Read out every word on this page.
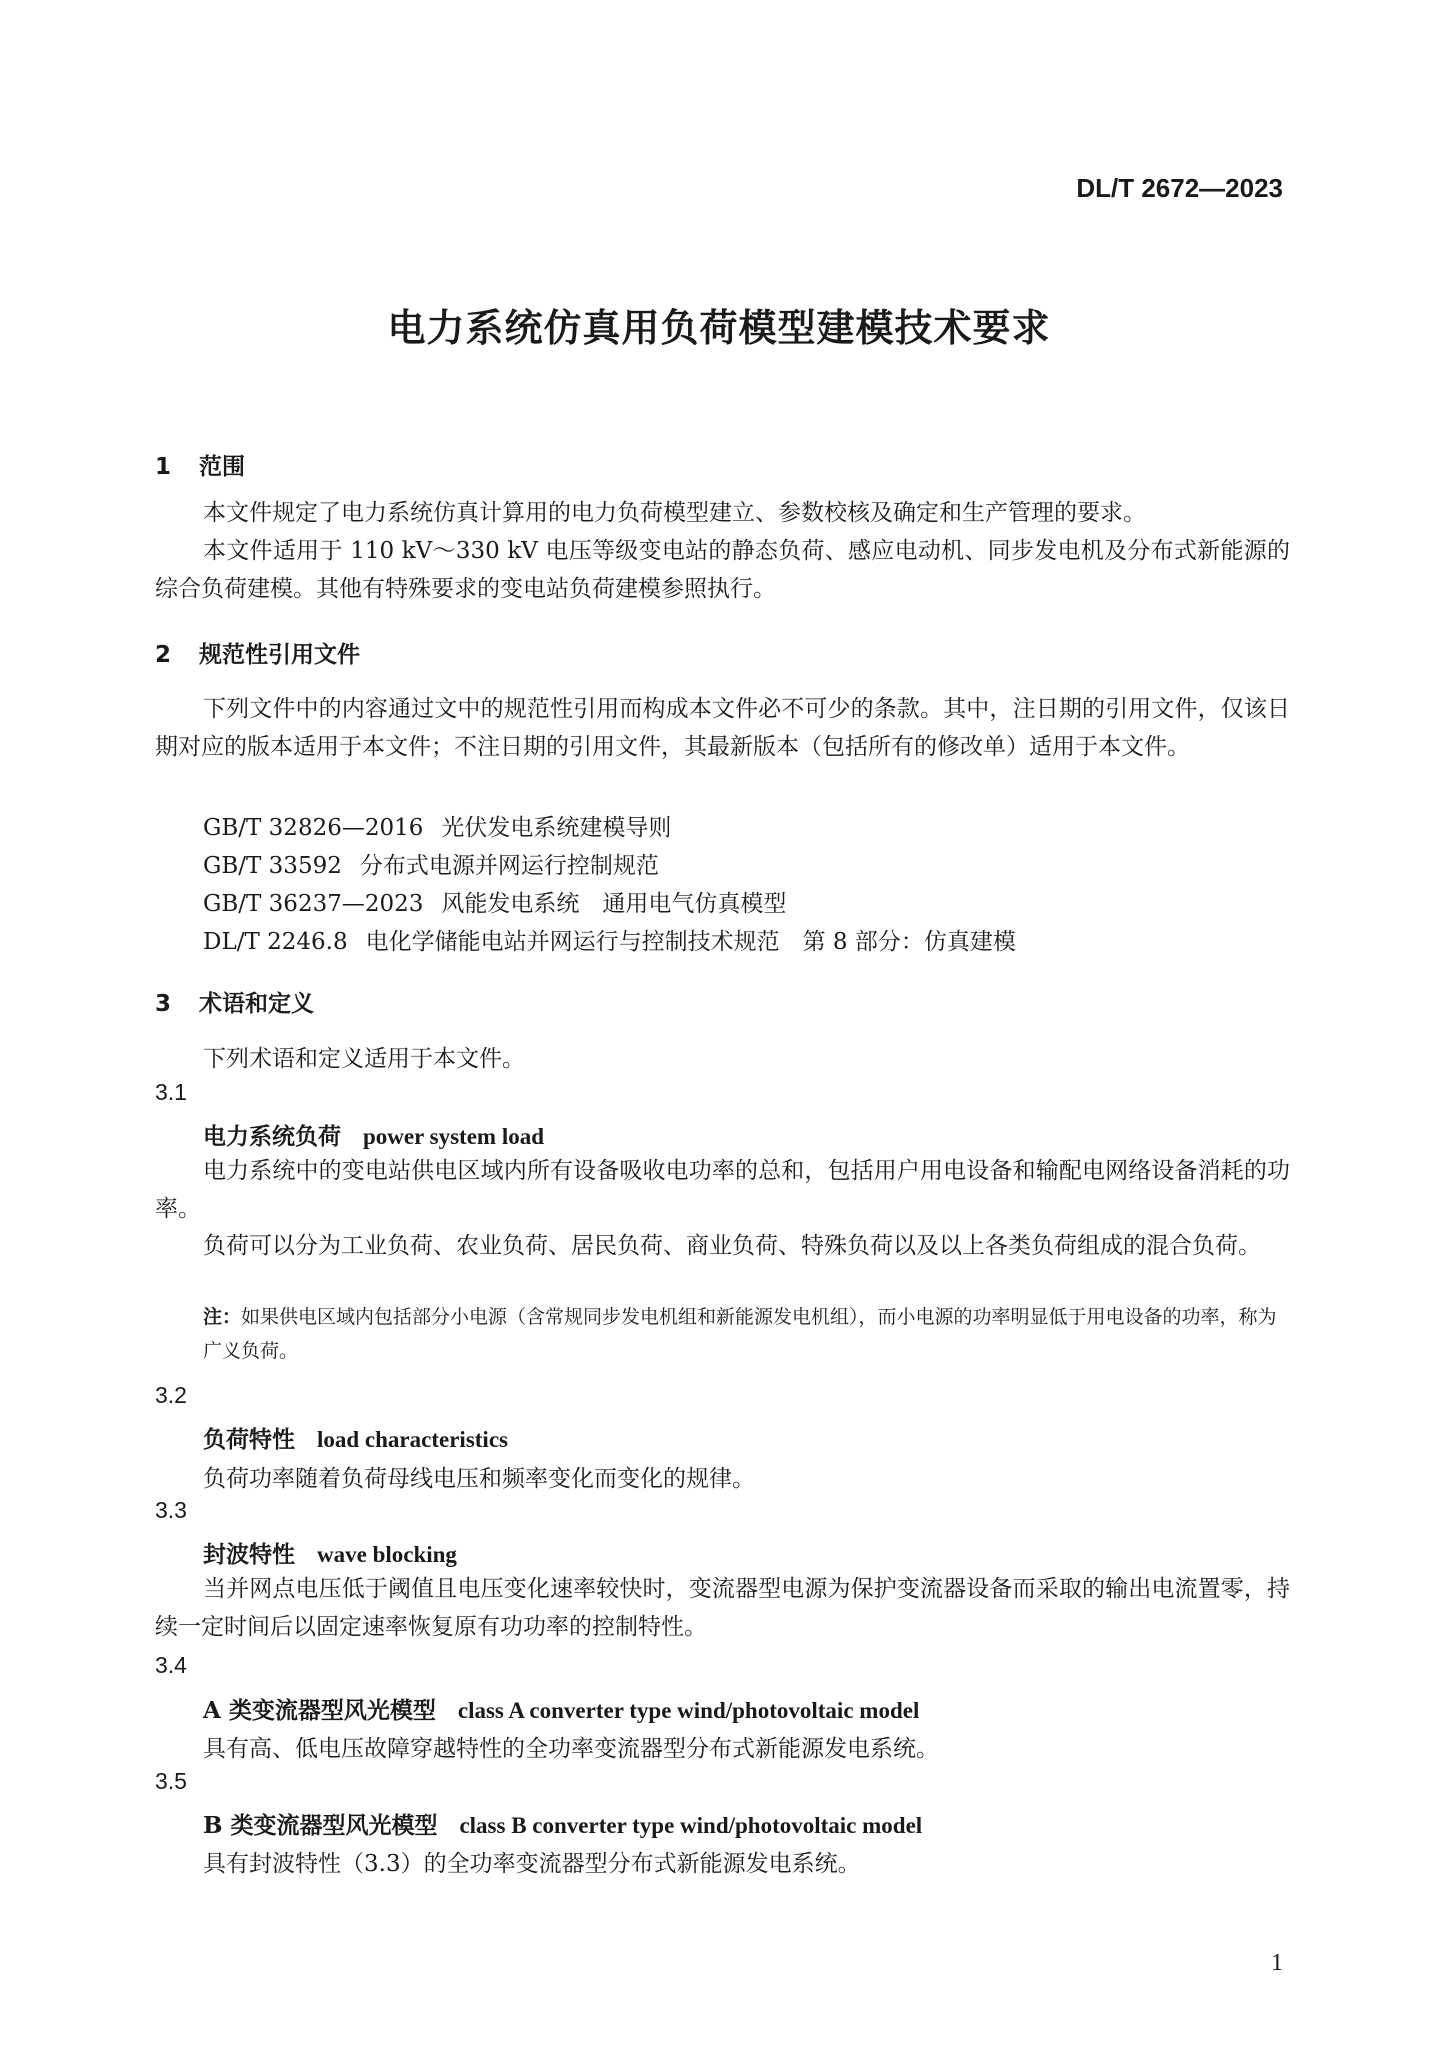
DL/T 2672—2023
电力系统仿真用负荷模型建模技术要求
1 范围
本文件规定了电力系统仿真计算用的电力负荷模型建立、参数校核及确定和生产管理的要求。
本文件适用于 110 kV～330 kV 电压等级变电站的静态负荷、感应电动机、同步发电机及分布式新能源的综合负荷建模。其他有特殊要求的变电站负荷建模参照执行。
2 规范性引用文件
下列文件中的内容通过文中的规范性引用而构成本文件必不可少的条款。其中，注日期的引用文件，仅该日期对应的版本适用于本文件；不注日期的引用文件，其最新版本（包括所有的修改单）适用于本文件。
GB/T 32826—2016 光伏发电系统建模导则
GB/T 33592 分布式电源并网运行控制规范
GB/T 36237—2023 风能发电系统　通用电气仿真模型
DL/T 2246.8 电化学储能电站并网运行与控制技术规范　第 8 部分：仿真建模
3 术语和定义
下列术语和定义适用于本文件。
3.1
电力系统负荷 power system load
电力系统中的变电站供电区域内所有设备吸收电功率的总和，包括用户用电设备和输配电网络设备消耗的功率。
负荷可以分为工业负荷、农业负荷、居民负荷、商业负荷、特殊负荷以及以上各类负荷组成的混合负荷。
注：如果供电区域内包括部分小电源（含常规同步发电机组和新能源发电机组），而小电源的功率明显低于用电设备的功率，称为广义负荷。
3.2
负荷特性 load characteristics
负荷功率随着负荷母线电压和频率变化而变化的规律。
3.3
封波特性 wave blocking
当并网点电压低于阈值且电压变化速率较快时，变流器型电源为保护变流器设备而采取的输出电流置零，持续一定时间后以固定速率恢复原有功功率的控制特性。
3.4
A 类变流器型风光模型 class A converter type wind/photovoltaic model
具有高、低电压故障穿越特性的全功率变流器型分布式新能源发电系统。
3.5
B 类变流器型风光模型 class B converter type wind/photovoltaic model
具有封波特性（3.3）的全功率变流器型分布式新能源发电系统。
1
